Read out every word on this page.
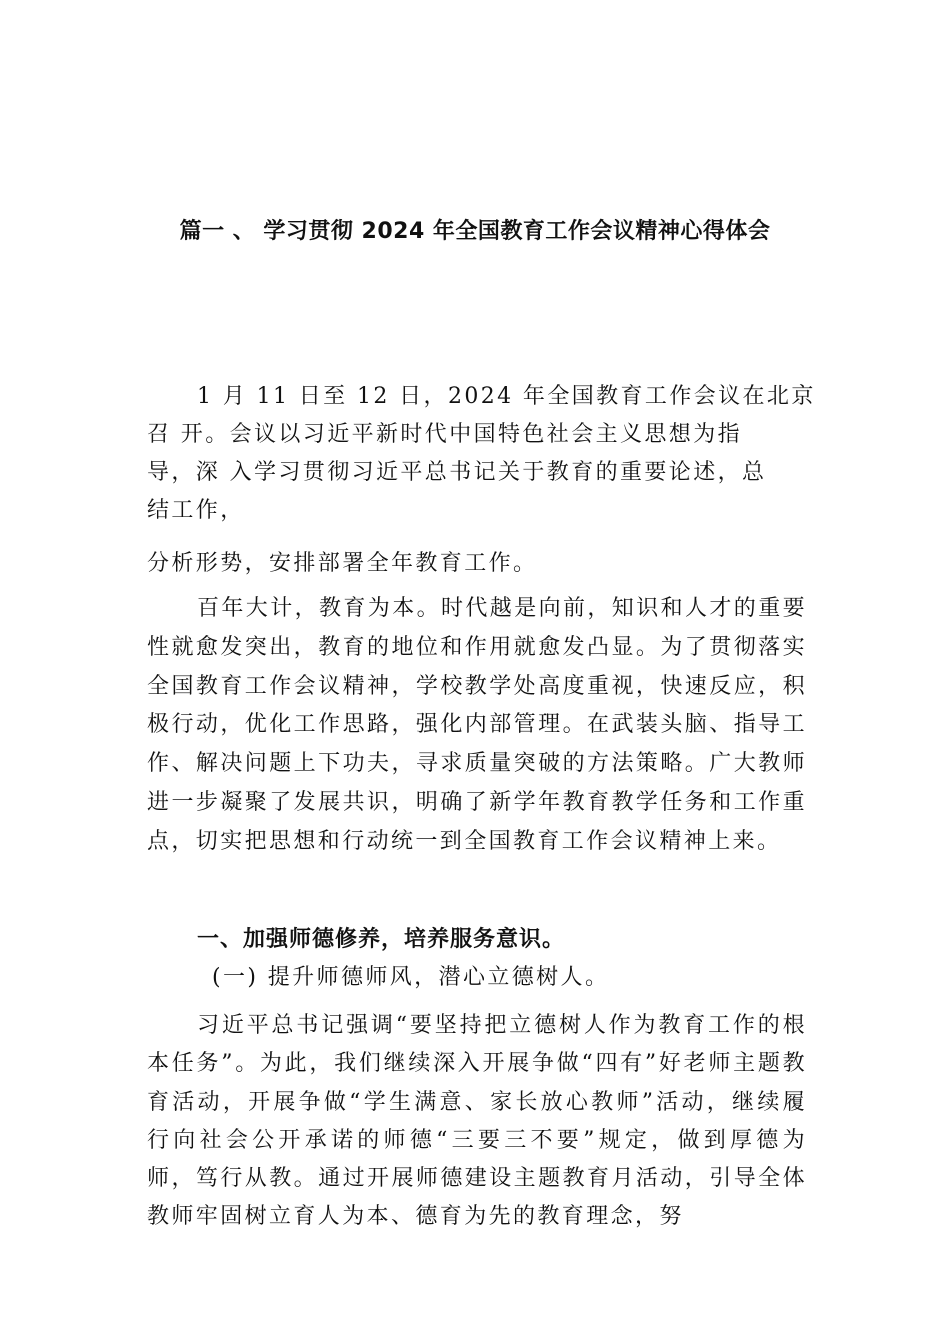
篇一 、 学习贯彻 2024 年全国教育工作会议精神心得体会

1 月 11 日至 12 日，2024 年全国教育工作会议在北京

召 开。会议以习近平新时代中国特色社会主义思想为指

导，深 入学习贯彻习近平总书记关于教育的重要论述，总

结工作，

分析形势，安排部署全年教育工作。

百年大计，教育为本。时代越是向前，知识和人才的重要性就愈发突出，教育的地位和作用就愈发凸显。为了贯彻落实全国教育工作会议精神，学校教学处高度重视，快速反应，积极行动，优化工作思路，强化内部管理。在武装头脑、指导工作、解决问题上下功夫，寻求质量突破的方法策略。广大教师进一步凝聚了发展共识，明确了新学年教育教学任务和工作重点，切实把思想和行动统一到全国教育工作会议精神上来。

一、加强师德修养，培养服务意识。

(一) 提升师德师风，潜心立德树人。

习近平总书记强调“要坚持把立德树人作为教育工作的根本任务”。为此，我们继续深入开展争做“四有”好老师主题教育活动，开展争做“学生满意、家长放心教师”活动，继续履行向社会公开承诺的师德“三要三不要”规定，做到厚德为师，笃行从教。通过开展师德建设主题教育月活动，引导全体教师牢固树立育人为本、德育为先的教育理念，努
